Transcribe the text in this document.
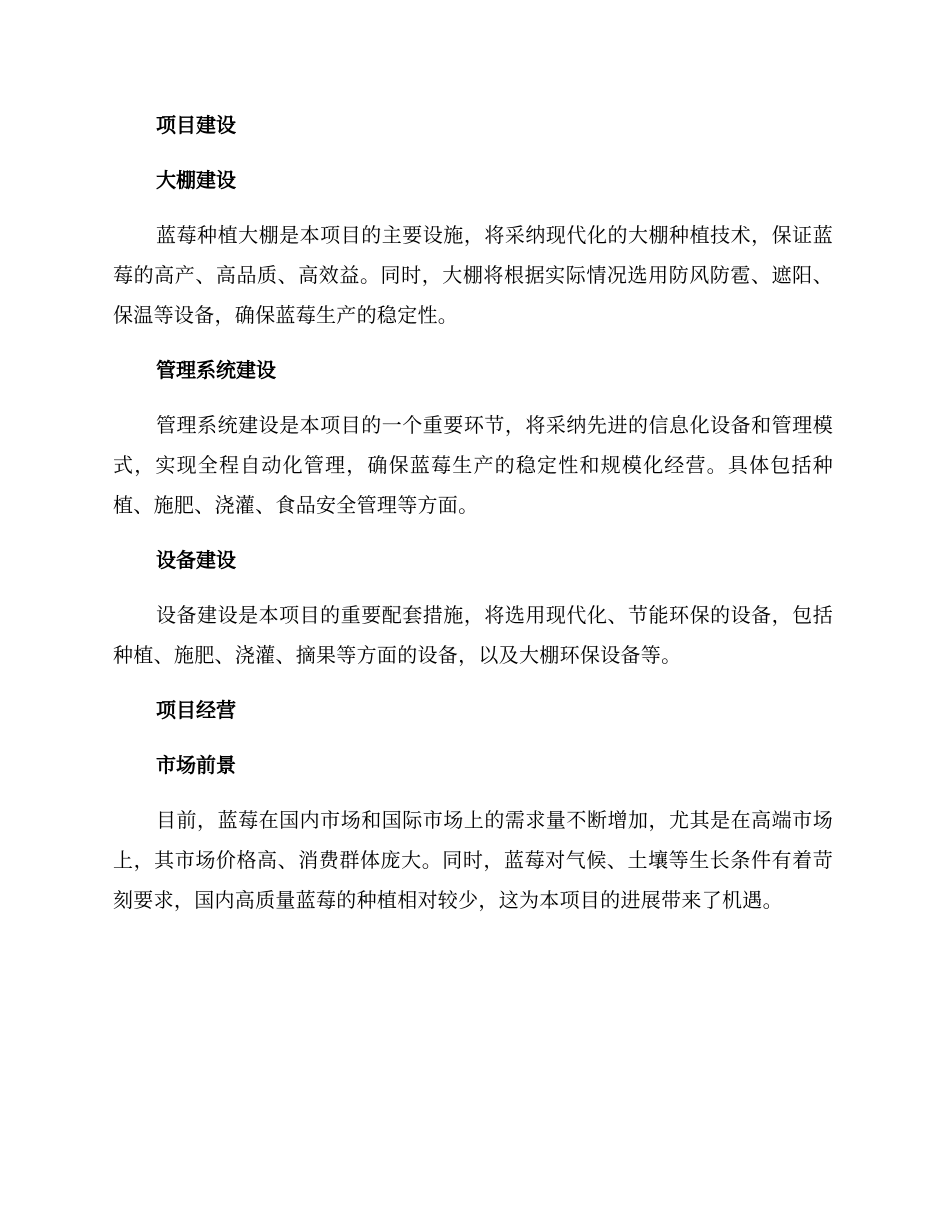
项目建设
大棚建设

蓝莓种植大棚是本项目的主要设施，将采纳现代化的大棚种植技术，保证蓝莓的高产、高品质、高效益。同时，大棚将根据实际情况选用防风防雹、遮阳、保温等设备，确保蓝莓生产的稳定性。

管理系统建设

管理系统建设是本项目的一个重要环节，将采纳先进的信息化设备和管理模式，实现全程自动化管理，确保蓝莓生产的稳定性和规模化经营。具体包括种植、施肥、浇灌、食品安全管理等方面。

设备建设

设备建设是本项目的重要配套措施，将选用现代化、节能环保的设备，包括种植、施肥、浇灌、摘果等方面的设备，以及大棚环保设备等。

项目经营
市场前景

目前，蓝莓在国内市场和国际市场上的需求量不断增加，尤其是在高端市场上，其市场价格高、消费群体庞大。同时，蓝莓对气候、土壤等生长条件有着苛刻要求，国内高质量蓝莓的种植相对较少，这为本项目的进展带来了机遇。
